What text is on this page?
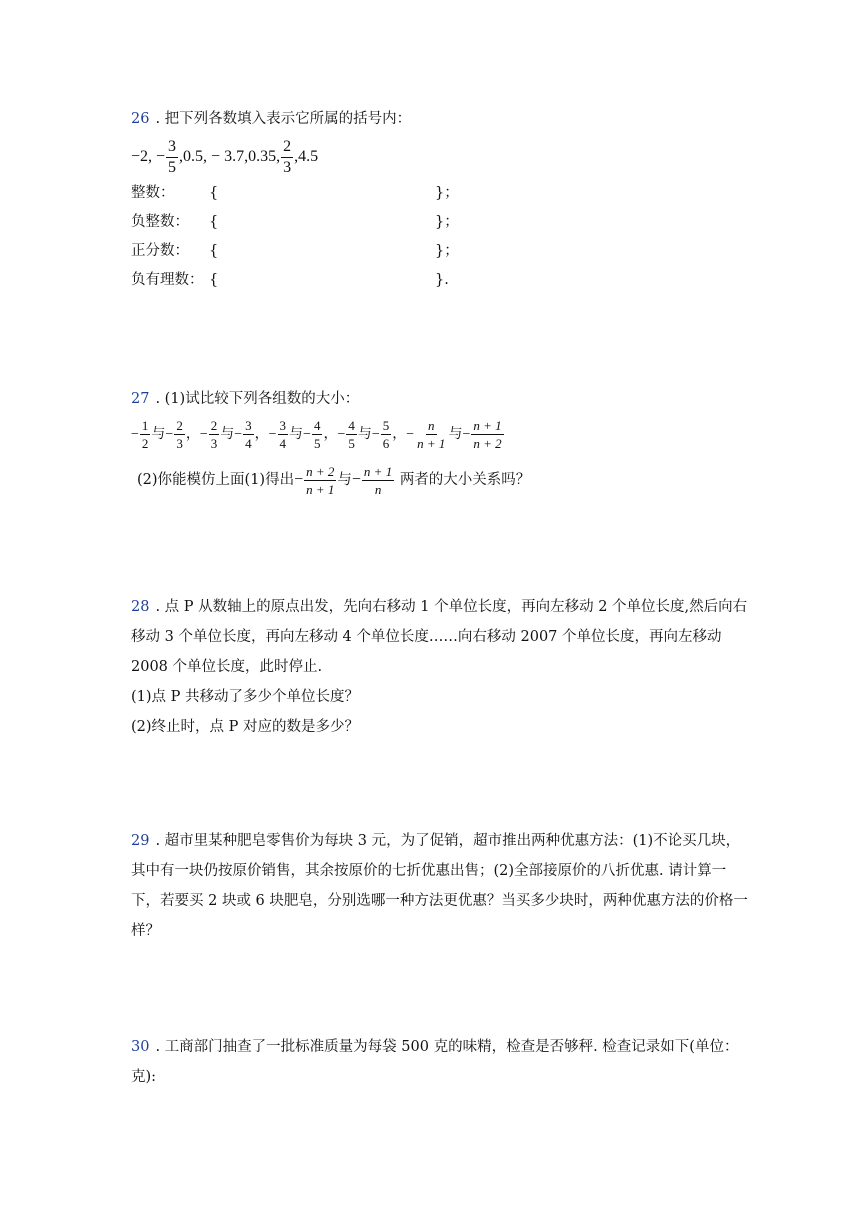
26 . 把下列各数填入表示它所属的括号内：
−2, − $\frac{3}{5} ,0.5$, − 3.7,0.35, $\frac{2}{3} ,4.5$
整数：	{	}；
负整数：	{	}；
正分数：	{	}；
负有理数： {	}.
27 . (1)试比较下列各组数的大小：
− $\frac{1}{2}$ 与− $\frac{2}{3}$ ，− $\frac{2}{3}$ 与− $\frac{3}{4}$ ，− $\frac{3}{4}$ 与− $\frac{4}{5}$ ，− $\frac{4}{5}$ 与− $\frac{5}{6}$ ，− $\frac{n}{n + 1}$ 与− $\frac{n + 1}{n + 2}$
(2)你能模仿上面(1)得出− $\frac{n + 2}{n + 1}$ 与− $\frac{n + 1}{n}$ 两者的大小关系吗？
28 . 点 P 从数轴上的原点出发，先向右移动 1 个单位长度，再向左移动 2 个单位长度,然后向右移动 3 个单位长度，再向左移动 4 个单位长度……向右移动 2007 个单位长度，再向左移动 2008 个单位长度，此时停止.
(1)点 P 共移动了多少个单位长度？
(2)终止时，点 P 对应的数是多少？
29 . 超市里某种肥皂零售价为每块 3 元，为了促销，超市推出两种优惠方法：(1)不论买几块，其中有一块仍按原价销售，其余按原价的七折优惠出售；(2)全部接原价的八折优惠. 请计算一下，若要买 2 块或 6 块肥皂，分别选哪一种方法更优惠？当买多少块时，两种优惠方法的价格一样？
30 . 工商部门抽查了一批标准质量为每袋 500 克的味精，检查是否够秤. 检查记录如下(单位：克):
